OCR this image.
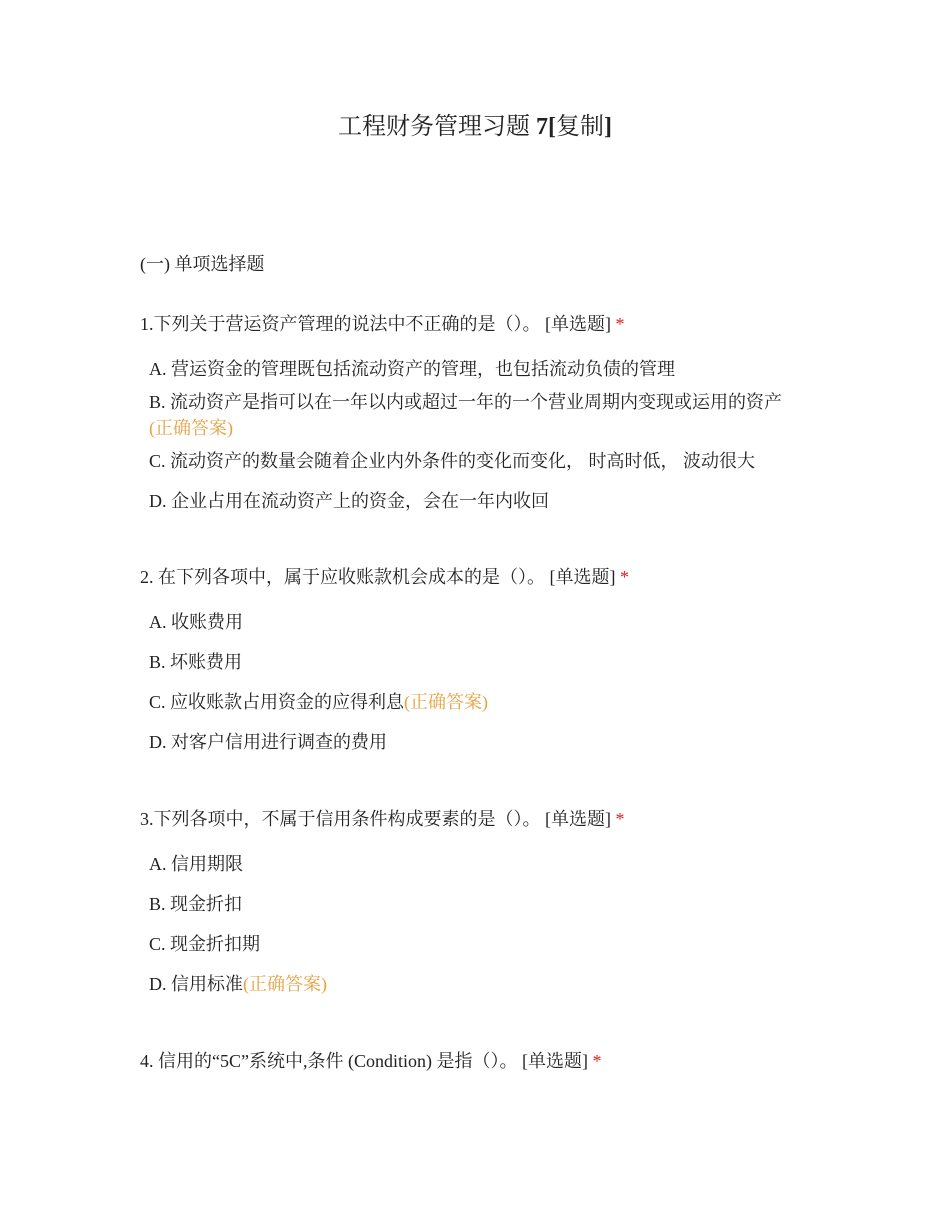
工程财务管理习题 7[复制]
(一) 单项选择题
1.下列关于营运资产管理的说法中不正确的是（）。 [单选题] *
A. 营运资金的管理既包括流动资产的管理，也包括流动负债的管理
B. 流动资产是指可以在一年以内或超过一年的一个营业周期内变现或运用的资产(正确答案)
C. 流动资产的数量会随着企业内外条件的变化而变化， 时高时低， 波动很大
D. 企业占用在流动资产上的资金，会在一年内收回
2. 在下列各项中，属于应收账款机会成本的是（）。 [单选题] *
A. 收账费用
B. 坏账费用
C. 应收账款占用资金的应得利息(正确答案)
D. 对客户信用进行调查的费用
3.下列各项中，不属于信用条件构成要素的是（）。 [单选题] *
A. 信用期限
B. 现金折扣
C. 现金折扣期
D. 信用标准(正确答案)
4. 信用的“5C”系统中,条件 (Condition) 是指（）。 [单选题] *
